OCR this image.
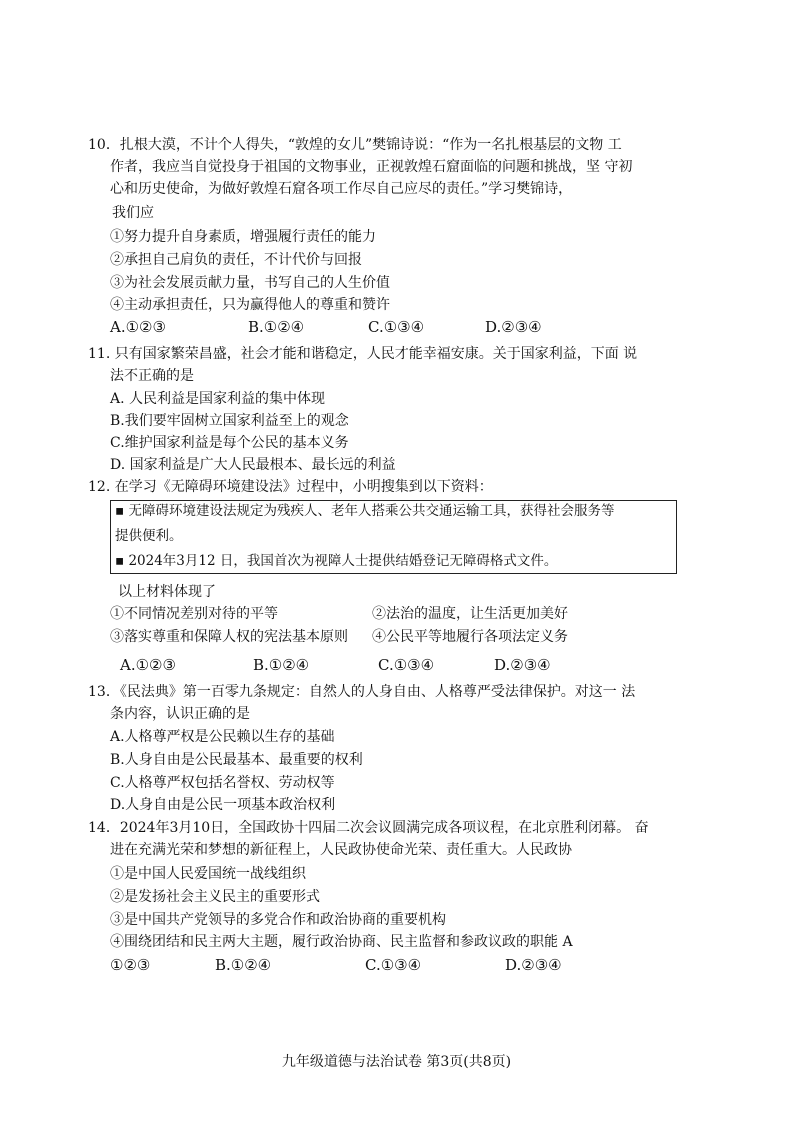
10．扎根大漠，不计个人得失，“敦煌的女儿”樊锦诗说：“作为一名扎根基层的文物 工
作者，我应当自觉投身于祖国的文物事业，正视敦煌石窟面临的问题和挑战，坚 守初
心和历史使命，为做好敦煌石窟各项工作尽自己应尽的责任。”学习樊锦诗，
我们应
①努力提升自身素质，增强履行责任的能力
②承担自己肩负的责任，不计代价与回报
③为社会发展贡献力量，书写自己的人生价值
④主动承担责任，只为赢得他人的尊重和赞许
A.①②③	B.①②④	C.①③④	D.②③④
11. 只有国家繁荣昌盛，社会才能和谐稳定，人民才能幸福安康。关于国家利益，下面 说
法不正确的是
A. 人民利益是国家利益的集中体现
B.我们要牢固树立国家利益至上的观念
C.维护国家利益是每个公民的基本义务
D. 国家利益是广大人民最根本、最长远的利益
12. 在学习《无障碍环境建设法》过程中，小明搜集到以下资料：
▪ 无障碍环境建设法规定为残疾人、老年人搭乘公共交通运输工具，获得社会服务等
提供便利。
▪ 2024年3月12 日，我国首次为视障人士提供结婚登记无障碍格式文件。
以上材料体现了
①不同情况差别对待的平等	②法治的温度，让生活更加美好
③落实尊重和保障人权的宪法基本原则 ④公民平等地履行各项法定义务
A.①②③	B.①②④	C.①③④	D.②③④
13．《民法典》第一百零九条规定：自然人的人身自由、人格尊严受法律保护。对这一 法
条内容，认识正确的是
A.人格尊严权是公民赖以生存的基础
B.人身自由是公民最基本、最重要的权利
C.人格尊严权包括名誉权、劳动权等
D.人身自由是公民一项基本政治权利
14．2024年3月10日，全国政协十四届二次会议圆满完成各项议程，在北京胜利闭幕。 奋
进在充满光荣和梦想的新征程上，人民政协使命光荣、责任重大。人民政协
①是中国人民爱国统一战线组织
②是发扬社会主义民主的重要形式
③是中国共产党领导的多党合作和政治协商的重要机构
④围绕团结和民主两大主题，履行政治协商、民主监督和参政议政的职能 A
①②③	B.①②④	C.①③④	D.②③④
九年级道德与法治试卷 第3页(共8页)
